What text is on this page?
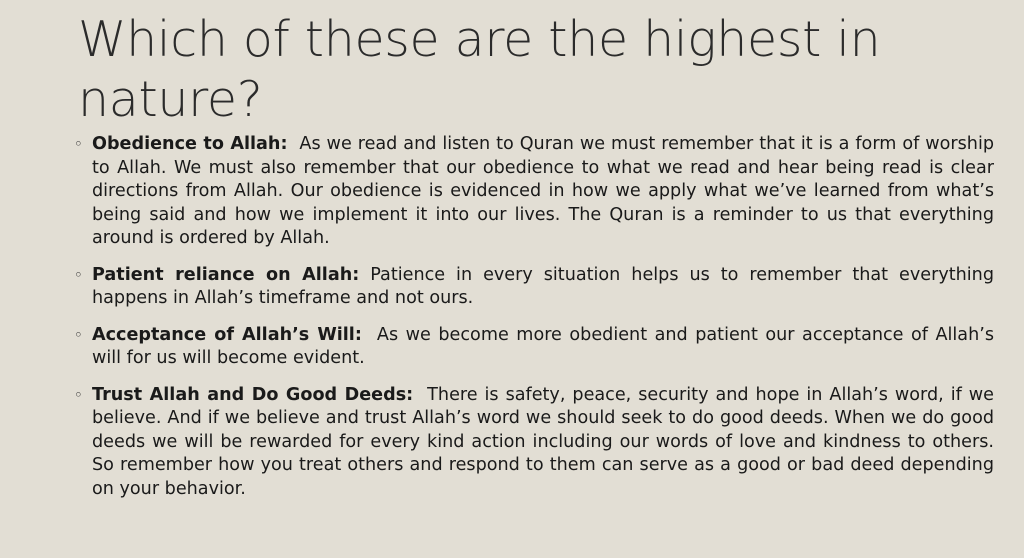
Which of these are the highest in nature?
◦ Obedience to Allah: As we read and listen to Quran we must remember that it is a form of worship to Allah. We must also remember that our obedience to what we read and hear being read is clear directions from Allah. Our obedience is evidenced in how we apply what we’ve learned from what’s being said and how we implement it into our lives. The Quran is a reminder to us that everything around is ordered by Allah.
◦ Patient reliance on Allah: Patience in every situation helps us to remember that everything happens in Allah’s timeframe and not ours.
◦ Acceptance of Allah’s Will: As we become more obedient and patient our acceptance of Allah’s will for us will become evident.
◦ Trust Allah and Do Good Deeds: There is safety, peace, security and hope in Allah’s word, if we believe. And if we believe and trust Allah’s word we should seek to do good deeds. When we do good deeds we will be rewarded for every kind action including our words of love and kindness to others. So remember how you treat others and respond to them can serve as a good or bad deed depending on your behavior.
